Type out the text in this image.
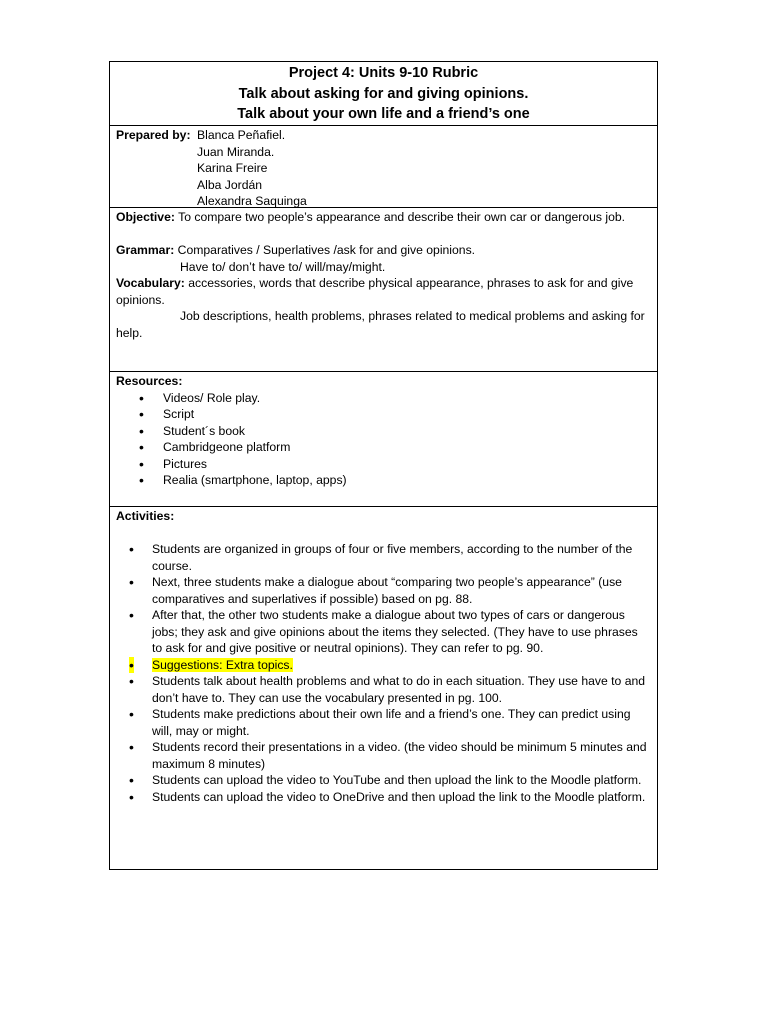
Project 4: Units 9-10 Rubric
Talk about asking for and giving opinions.
Talk about your own life and a friend’s one
Prepared by: Blanca Peñafiel.
Juan Miranda.
Karina Freire
Alba Jordán
Alexandra Saquinga
Objective: To compare two people’s appearance and describe their own car or dangerous job.
Grammar: Comparatives / Superlatives /ask for and give opinions.
Have to/ don’t have to/ will/may/might.
Vocabulary: accessories, words that describe physical appearance, phrases to ask for and give opinions.
Job descriptions, health problems, phrases related to medical problems and asking for help.
Resources:
• Videos/ Role play.
• Script
• Student´s book
• Cambridgeone platform
• Pictures
• Realia (smartphone, laptop, apps)
Activities:
• Students are organized in groups of four or five members, according to the number of the course.
• Next, three students make a dialogue about “comparing two people’s appearance” (use comparatives and superlatives if possible) based on pg. 88.
• After that, the other two students make a dialogue about two types of cars or dangerous jobs; they ask and give opinions about the items they selected. (They have to use phrases to ask for and give positive or neutral opinions). They can refer to pg. 90.
• Suggestions: Extra topics.
• Students talk about health problems and what to do in each situation. They use have to and don’t have to. They can use the vocabulary presented in pg. 100.
• Students make predictions about their own life and a friend’s one. They can predict using will, may or might.
• Students record their presentations in a video. (the video should be minimum 5 minutes and maximum 8 minutes)
• Students can upload the video to YouTube and then upload the link to the Moodle platform.
• Students can upload the video to OneDrive and then upload the link to the Moodle platform.
